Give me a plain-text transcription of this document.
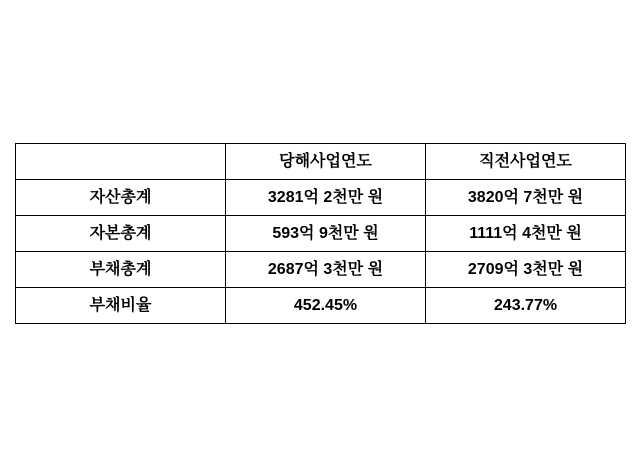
	당해사업연도	직전사업연도
자산총계	3281억 2천만 원	3820억 7천만 원
자본총계	593억 9천만 원	1111억 4천만 원
부채총계	2687억 3천만 원	2709억 3천만 원
부채비율	452.45%	243.77%
